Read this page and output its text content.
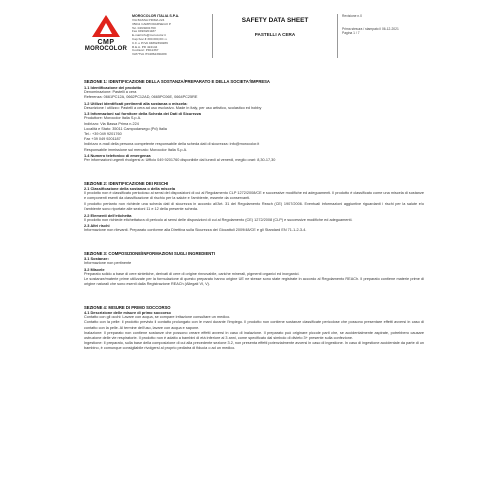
CMP
MOROCOLOR
MOROCOLOR ITALIA S.P.A.
VIA BASSA PRIMA 224
35011 CAMPODARSEGO P
Tel. 049/9201760
Fax 049/9201187
E-mail:info@morocolor.it
Cap.Soc.€ 300.000,00 i.v.
C.F. e P.IVA 04862390289
R.E.A. PD 424144
Cod.Eori: PD11367
VAT/TVA IT04862390289
SAFETY DATA SHEET
PASTELLI A CERA
Revisione n.0
Prima stesura / stampato il 06-12-2021
Pagina 1 / 7
SEZIONE 1: IDENTIFICAZIONE DELLA SOSTANZA/PREPARATO E DELLA SOCIETA'/IMPRESA
1.1 Identificazione del prodotto
Denominazione: Pastelli a cera
Referenza: 0661PC12A, 0662PC12AD, 0665PC06E, 0664PC25RE
1.2 Utilizzi identificati pertinenti alla sostanza o miscela:
Descrizione / utilizzo: Pastelli a cera ad uso esclusivo. Made in Italy, per uso artistico, scolastico ed hobby
1.3 Informazioni sul fornitore della Scheda dei Dati di Sicurezza
Produttore: Morocolor Italia S.p.A.
Indirizzo: Via Bassa Prima n.224
Località e Stato: 35011 Campodarsego (Pd) Italia
Tel.: +39 049 9201760
Fax +39 049 9201187
Indirizzo e-mail della persona competente responsabile della scheda dati di sicurezza: info@morocolor.it
Responsabile immissione sul mercato: Morocolor Italia S.p.A.
1.4 Numero telefonico di emergenza
Per informazioni urgenti rivolgersi a: Ufficio 049 9201760 disponibile dal lunedi al venerdi, meglio orari: 8,30-17,30
SEZIONE 2: IDENTIFICAZIONE DEI RISCHI
2.1 Classificazione della sostanza o della miscela
Il prodotto non è classificato pericoloso ai sensi del disposizioni di cui al Regolamento CLP 1272/2008/CE e successive modifiche ed adeguamenti. Il prodotto è classificato come una miscela di sostanze e componenti esenti da classificazione di rischio per la salute e l'ambiente, essente da conservanti.
Il prodotto pertanto non richiede una scheda dati di sicurezza in accordo all'Art. 31 del Regolamento Reach (CE) 1907/2006. Eventuali informazioni aggiuntive riguardanti i rischi per la salute e/o l'ambiente sono riportate alle sezioni 11 e 12 della presente scheda.
2.2 Elementi dell'etichetta
Il prodotto non richiede etichettatura di pericolo ai sensi delle disposizioni di cui al Regolamento (CE) 1272/2008 (CLP) e successive modifiche ed adeguamenti.
2.3 Altri rischi
Informazione non rilevanti. Preparato conforme alla Direttiva sulla Sicurezza dei Giocattoli 2009/48/CE e gli Standard EN 71-1-2-3-4.
SEZIONE 3: COMPOSIZIONE/INFORMAZIONI SUGLI INGREDIENTI
3.1 Sostanze:
Informazione non pertinente
3.2 Miscele
Preparato solido a base di cere sintetiche, derivati di cere di origine rinnovabile, cariche minerali, pigmenti organici ed inorganici.
Le sostanze/materie prime utilizzate per la formulazione di questo preparato hanno origine UE ne stesse sono state registrate in accordo al Regolamento REACh. Il preparato contiene materie prime di origine naturali che sono esenti dalla Registrazione REACh (Allegati VI, V).
SEZIONE 4: MISURE DI PRIMO SOCCORSO
4.1 Descrizione delle misure di primo soccorso
Contatto con gli occhi: Lavare con acqua, se compare irritazione consultare un medico.
Contatto con la pelle: il prodotto previsto il contatto prolungato con le mani durante l'impiego. Il prodotto non contiene sostanze classificate pericolose che possono presentare effetti avversi in caso di contatto con la pelle. Al termine dell'uso, lavare con acqua e sapone.
Inalazione: Il preparato non contiene sostanze che possono creare effetti avversi in caso di inalazione. Il preparato può originare piccole parti che, se accidentalmente aspirate, potrebbero causare ostruzione delle vie respiratorie. Il prodotto non è adatto a bambini di età inferiore ai 3 anni, come specificato dal simbolo di divieto 3+ presente sulla confezione.
Ingestione: Il preparato, sulla base della composizione di cui alla precedente sezione 3.2, non presenta effetti potenzialmente avversi in caso di ingestione. In caso di ingestione accidentale da parte di un bambino, è comunque consigliabile rivolgersi al proprio pediatra di fiducia o ad un medico.
